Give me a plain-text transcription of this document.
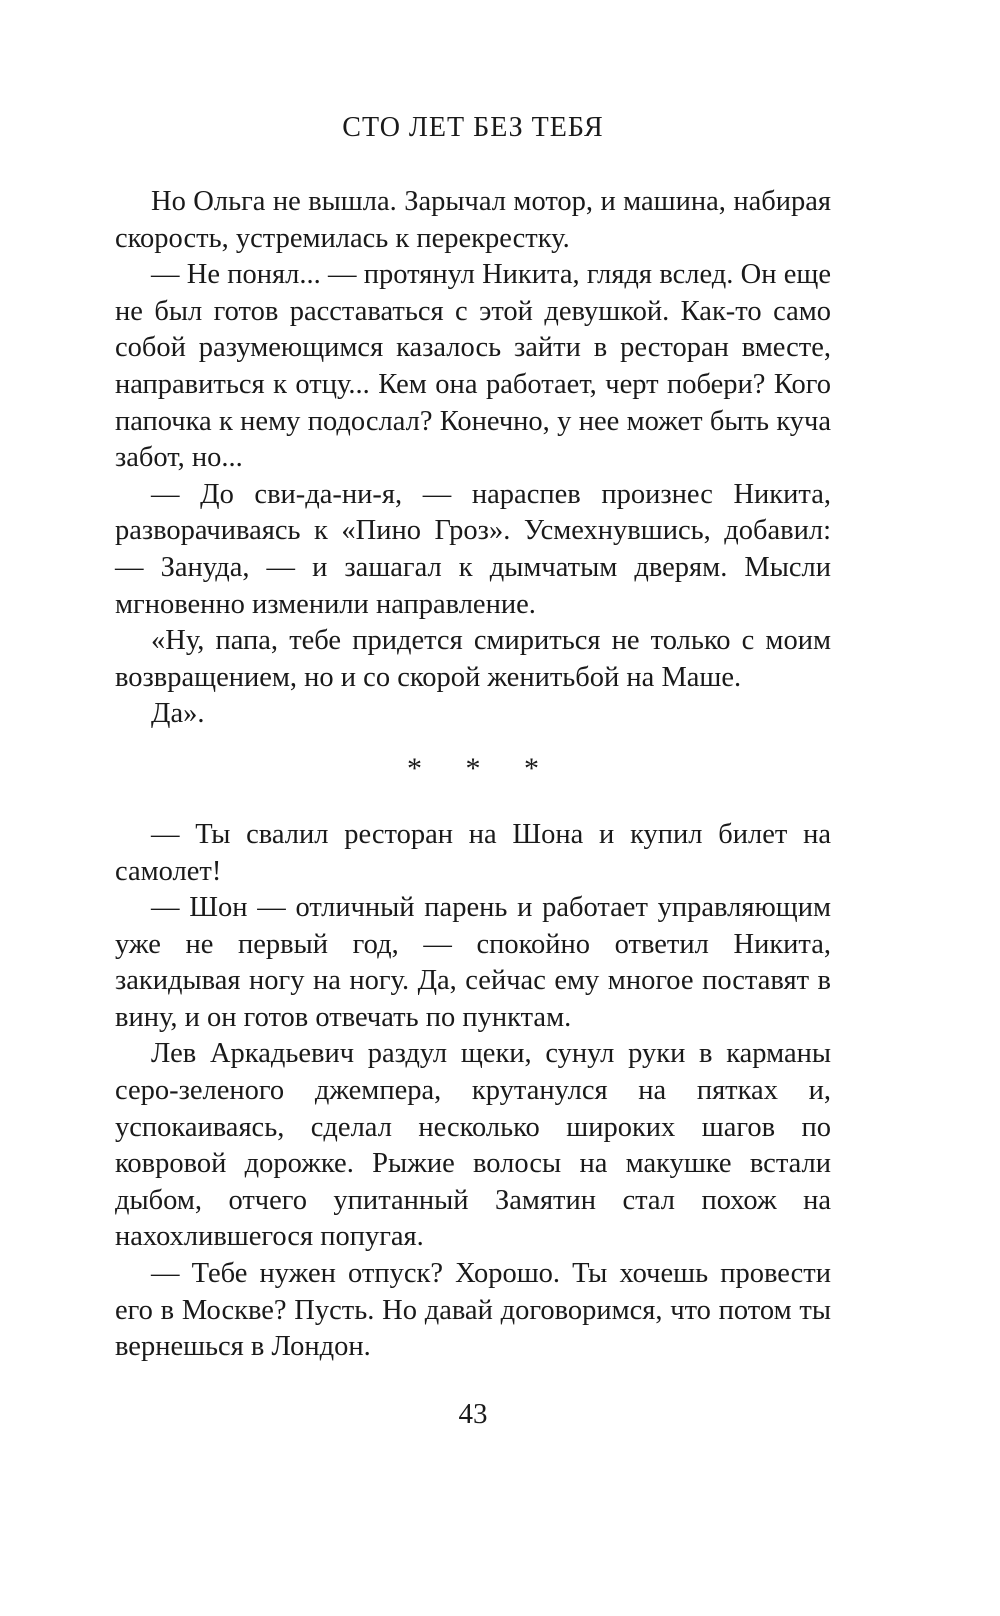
СТО ЛЕТ БЕЗ ТЕБЯ

Но Ольга не вышла. Зарычал мотор, и машина, набирая скорость, устремилась к перекрестку.

— Не понял... — протянул Никита, глядя вслед. Он еще не был готов расставаться с этой девушкой. Как-то само собой разумеющимся казалось зайти в ресторан вместе, направиться к отцу... Кем она работает, черт побери? Кого папочка к нему подослал? Конечно, у нее может быть куча забот, но...

— До сви-да-ни-я, — нараспев произнес Никита, разворачиваясь к «Пино Гроз». Усмехнувшись, добавил: — Зануда, — и зашагал к дымчатым дверям. Мысли мгновенно изменили направление.

«Ну, папа, тебе придется смириться не только с моим возвращением, но и со скорой женитьбой на Маше.

Да».

* * *

— Ты свалил ресторан на Шона и купил билет на самолет!

— Шон — отличный парень и работает управляющим уже не первый год, — спокойно ответил Никита, закидывая ногу на ногу. Да, сейчас ему многое поставят в вину, и он готов отвечать по пунктам.

Лев Аркадьевич раздул щеки, сунул руки в карманы серо-зеленого джемпера, крутанулся на пятках и, успокаиваясь, сделал несколько широких шагов по ковровой дорожке. Рыжие волосы на макушке встали дыбом, отчего упитанный Замятин стал похож на нахохлившегося попугая.

— Тебе нужен отпуск? Хорошо. Ты хочешь провести его в Москве? Пусть. Но давай договоримся, что потом ты вернешься в Лондон.

43
